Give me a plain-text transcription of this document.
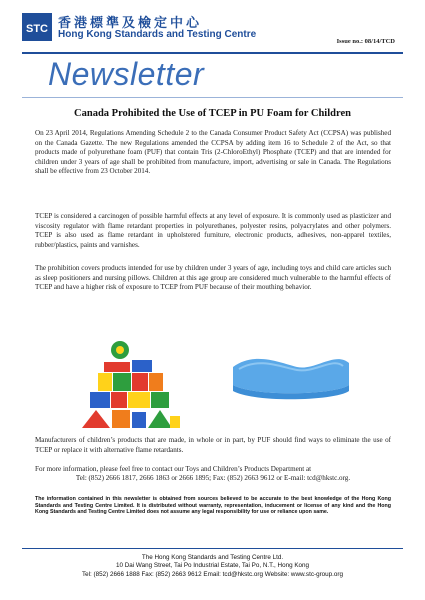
STC 香港標準及檢定中心
Hong Kong Standards and Testing Centre
Issue no.: 08/14/TCD
Newsletter
Canada Prohibited the Use of TCEP in PU Foam for Children
On 23 April 2014, Regulations Amending Schedule 2 to the Canada Consumer Product Safety Act (CCPSA) was published on the Canada Gazette. The new Regulations amended the CCPSA by adding item 16 to Schedule 2 of the Act, so that products made of polyurethane foam (PUF) that contain Tris (2-ChloroEthyl) Phosphate (TCEP) and that are intended for children under 3 years of age shall be prohibited from manufacture, import, advertising or sale in Canada. The Regulations shall be effective from 23 October 2014.
TCEP is considered a carcinogen of possible harmful effects at any level of exposure. It is commonly used as plasticizer and viscosity regulator with flame retardant properties in polyurethanes, polyester resins, polyacrylates and other polymers. TCEP is also used as flame retardant in upholstered furniture, electronic products, adhesives, non-apparel textiles, rubber/plastics, paints and varnishes.
The prohibition covers products intended for use by children under 3 years of age, including toys and child care articles such as sleep positioners and nursing pillows. Children at this age group are considered much vulnerable to the harmful effects of TCEP and have a higher risk of exposure to TCEP from PUF because of their mouthing behavior.
Manufacturers of children’s products that are made, in whole or in part, by PUF should find ways to eliminate the use of TCEP or replace it with alternative flame retardants.
For more information, please feel free to contact our Toys and Children’s Products Department at
Tel: (852) 2666 1817, 2666 1863 or 2666 1895; Fax: (852) 2663 9612 or E-mail: tcd@hkstc.org.
The information contained in this newsletter is obtained from sources believed to be accurate to the best knowledge of the Hong Kong Standards and Testing Centre Limited. It is distributed without warranty, representation, inducement or license of any kind and the Hong Kong Standards and Testing Centre Limited does not assume any legal responsibility for use or reliance upon same.
The Hong Kong Standards and Testing Centre Ltd.
10 Dai Wang Street, Tai Po Industrial Estate, Tai Po, N.T., Hong Kong
Tel: (852) 2666 1888 Fax: (852) 2663 9612 Email: tcd@hkstc.org Website: www.stc-group.org
